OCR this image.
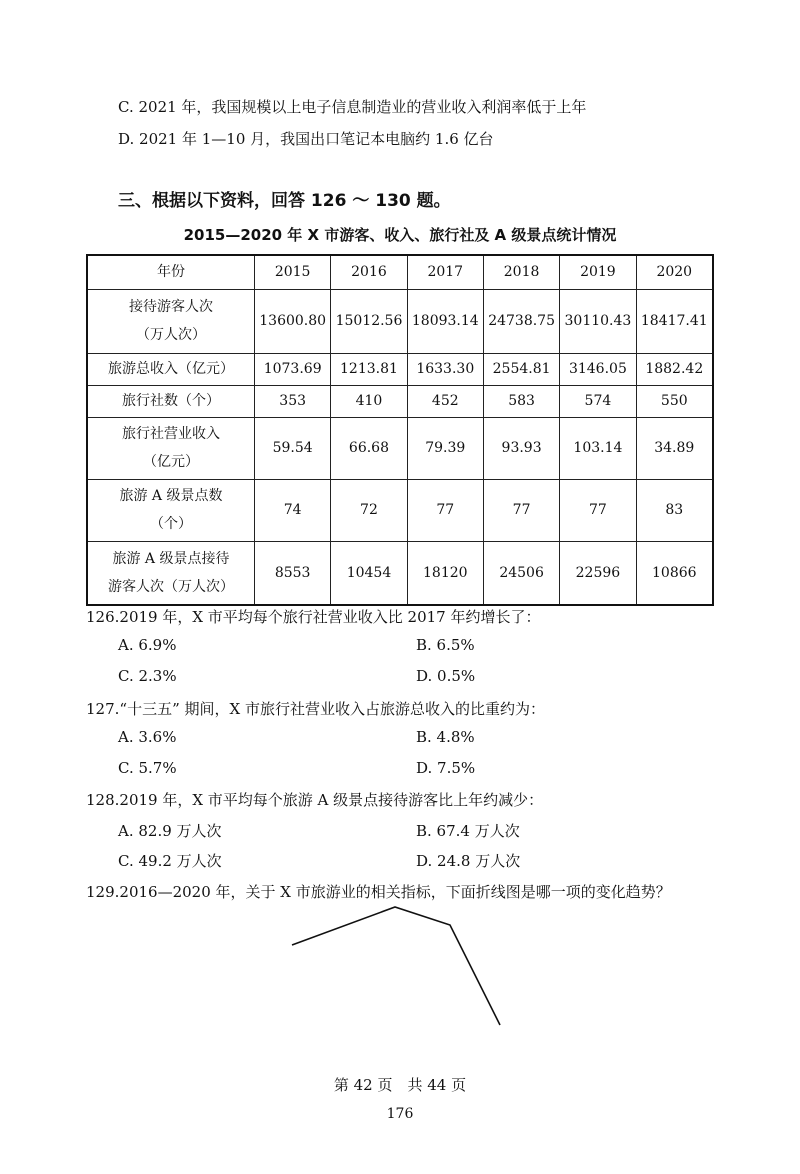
C. 2021 年，我国规模以上电子信息制造业的营业收入利润率低于上年
D. 2021 年 1—10 月，我国出口笔记本电脑约 1.6 亿台
三、根据以下资料，回答 126 ～ 130 题。
2015—2020 年 X 市游客、收入、旅行社及 A 级景点统计情况
年份	2015	2016	2017	2018	2019	2020

接待游客人次
（万人次）	13600.80	15012.56	18093.14	24738.75	30110.43	18417.41

旅游总收入（亿元）	1073.69	1213.81	1633.30	2554.81	3146.05	1882.42

旅行社数（个）	353	410	452	583	574	550

旅行社营业收入
（亿元）	59.54	66.68	79.39	93.93	103.14	34.89

旅游 A 级景点数
（个）	74	72	77	77	77	83

旅游 A 级景点接待
游客人次（万人次）	8553	10454	18120	24506	22596	10866
126.2019 年，X 市平均每个旅行社营业收入比 2017 年约增长了：
A. 6.9%	B. 6.5%
C. 2.3%	D. 0.5%
127.“十三五” 期间，X 市旅行社营业收入占旅游总收入的比重约为：
A. 3.6%	B. 4.8%
C. 5.7%	D. 7.5%
128.2019 年，X 市平均每个旅游 A 级景点接待游客比上年约减少：
A. 82.9 万人次	B. 67.4 万人次
C. 49.2 万人次	D. 24.8 万人次
129.2016—2020 年，关于 X 市旅游业的相关指标，下面折线图是哪一项的变化趋势？
第 42 页　共 44 页
176
